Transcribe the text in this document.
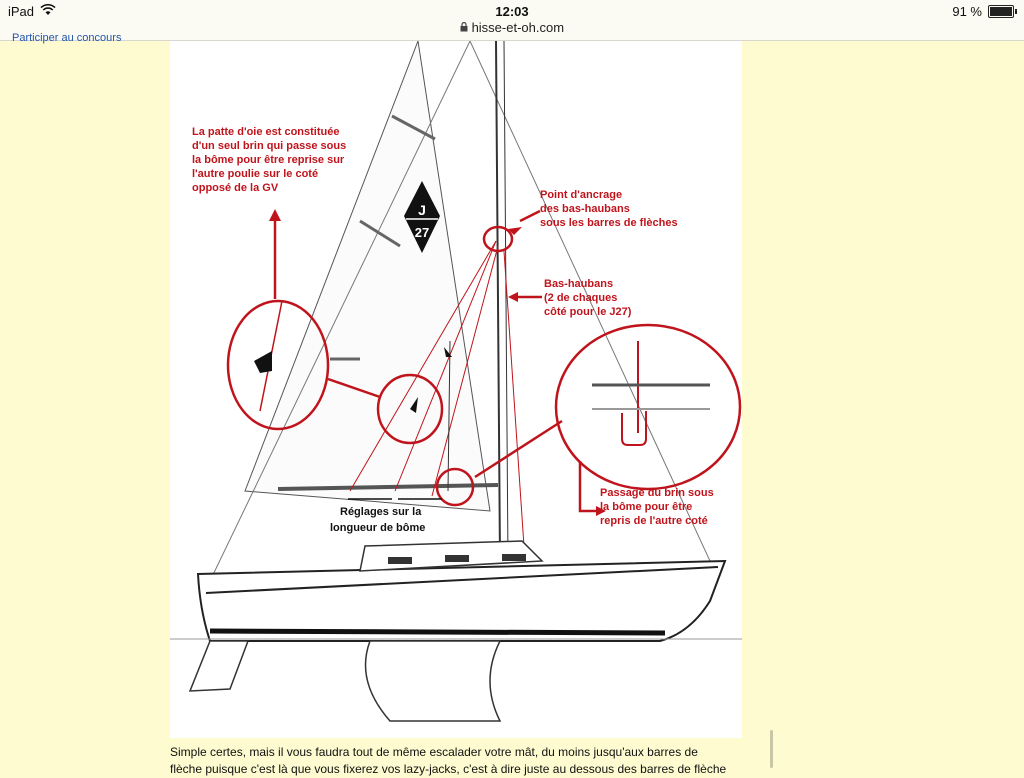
iPad	12:03
hisse-et-oh.com
91 %
Participer au concours
J
27
La patte d'oie est constituée d'un seul brin qui passe sous la bôme pour être reprise sur l'autre poulie sur le coté opposé de la GV
Point d'ancrage des bas-haubans sous les barres de flèches
Bas-haubans (2 de chaques côté pour le J27)
Passage du brin sous la bôme pour être repris de l'autre coté
Réglages sur la longueur de bôme
Simple certes, mais il vous faudra tout de même escalader votre mât, du moins jusqu'aux barres de
flèche puisque c'est là que vous fixerez vos lazy-jacks, c'est à dire juste au dessous des barres de flèche
